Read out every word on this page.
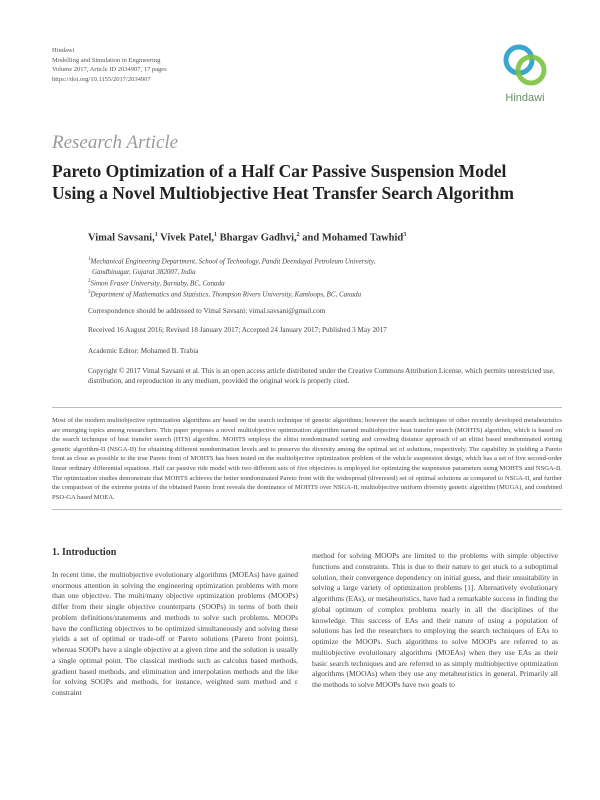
Hindawi
Modelling and Simulation in Engineering
Volume 2017, Article ID 2034907, 17 pages
https://doi.org/10.1155/2017/2034907
Hindawi
Research Article
Pareto Optimization of a Half Car Passive Suspension Model
Using a Novel Multiobjective Heat Transfer Search Algorithm
Vimal Savsani,$^1$ Vivek Patel,$^1$ Bhargav Gadhvi,$^2$ and Mohamed Tawhid$^3$
$^1$Mechanical Engineering Department, School of Technology, Pandit Deendayal Petroleum University,
Gandhinagar, Gujarat 382007, India
$^2$Simon Fraser University, Burnaby, BC, Canada
$^3$Department of Mathematics and Statistics, Thompson Rivers University, Kamloops, BC, Canada
Correspondence should be addressed to Vimal Savsani; vimal.savsani@gmail.com
Received 16 August 2016; Revised 18 January 2017; Accepted 24 January 2017; Published 3 May 2017
Academic Editor: Mohamed B. Trabia
Copyright © 2017 Vimal Savsani et al. This is an open access article distributed under the Creative Commons Attribution License, which permits unrestricted use, distribution, and reproduction in any medium, provided the original work is properly cited.
Most of the modern multiobjective optimization algorithms are based on the search technique of genetic algorithms; however the search techniques of other recently developed metaheuristics are emerging topics among researchers. This paper proposes a novel multiobjective optimization algorithm named multiobjective heat transfer search (MOHTS) algorithm, which is based on the search technique of heat transfer search (HTS) algorithm. MOHTS employs the elitist nondominated sorting and crowding distance approach of an elitist based nondominated sorting genetic algorithm-II (NSGA-II) for obtaining different nondomination levels and to preserve the diversity among the optimal set of solutions, respectively. The capability in yielding a Pareto front as close as possible to the true Pareto front of MOHTS has been tested on the multiobjective optimization problem of the vehicle suspension design, which has a set of five second-order linear ordinary differential equations. Half car passive ride model with two different sets of five objectives is employed for optimizing the suspension parameters using MOHTS and NSGA-II. The optimization studies demonstrate that MOHTS achieves the better nondominated Pareto front with the widespread (diveresed) set of optimal solutions as compared to NSGA-II, and further the comparison of the extreme points of the obtained Pareto front reveals the dominance of MOHTS over NSGA-II, multiobjective uniform diversity genetic algorithm (MUGA), and combined PSO-GA based MOEA.
1. Introduction
In recent time, the multiobjective evolutionary algorithms (MOEAs) have gained enormous attention in solving the engineering optimization problems with more than one objective. The multi/many objective optimization problems (MOOPs) differ from their single objective counterparts (SOOPs) in terms of both their problem definitions/statements and methods to solve such problems. MOOPs have the conflicting objectives to be optimized simultaneously and solving these yields a set of optimal or trade-off or Pareto solutions (Pareto front points), whereas SOOPs have a single objective at a given time and the solution is usually a single optimal point. The classical methods such as calculus based methods, gradient based methods, and elimination and interpolation methods and the like for solving SOOPs and methods, for instance, weighted sum method and ε constraint
method for solving MOOPs are limited to the problems with simple objective functions and constraints. This is due to their nature to get stuck to a suboptimal solution, their convergence dependency on initial guess, and their unsuitability in solving a large variety of optimization problems [1]. Alternatively evolutionary algorithms (EAs), or metaheuristics, have had a remarkable success in finding the global optimum of complex problems nearly in all the disciplines of the knowledge. This success of EAs and their nature of using a population of solutions has led the researchers to employing the search techniques of EAs to optimize the MOOPs. Such algorithms to solve MOOPs are referred to as multiobjective evolutionary algorithms (MOEAs) when they use EAs as their basic search techniques and are referred to as simply multiobjective optimization algorithms (MOOAs) when they use any metaheuristics in general. Primarily all the methods to solve MOOPs have two goals to
